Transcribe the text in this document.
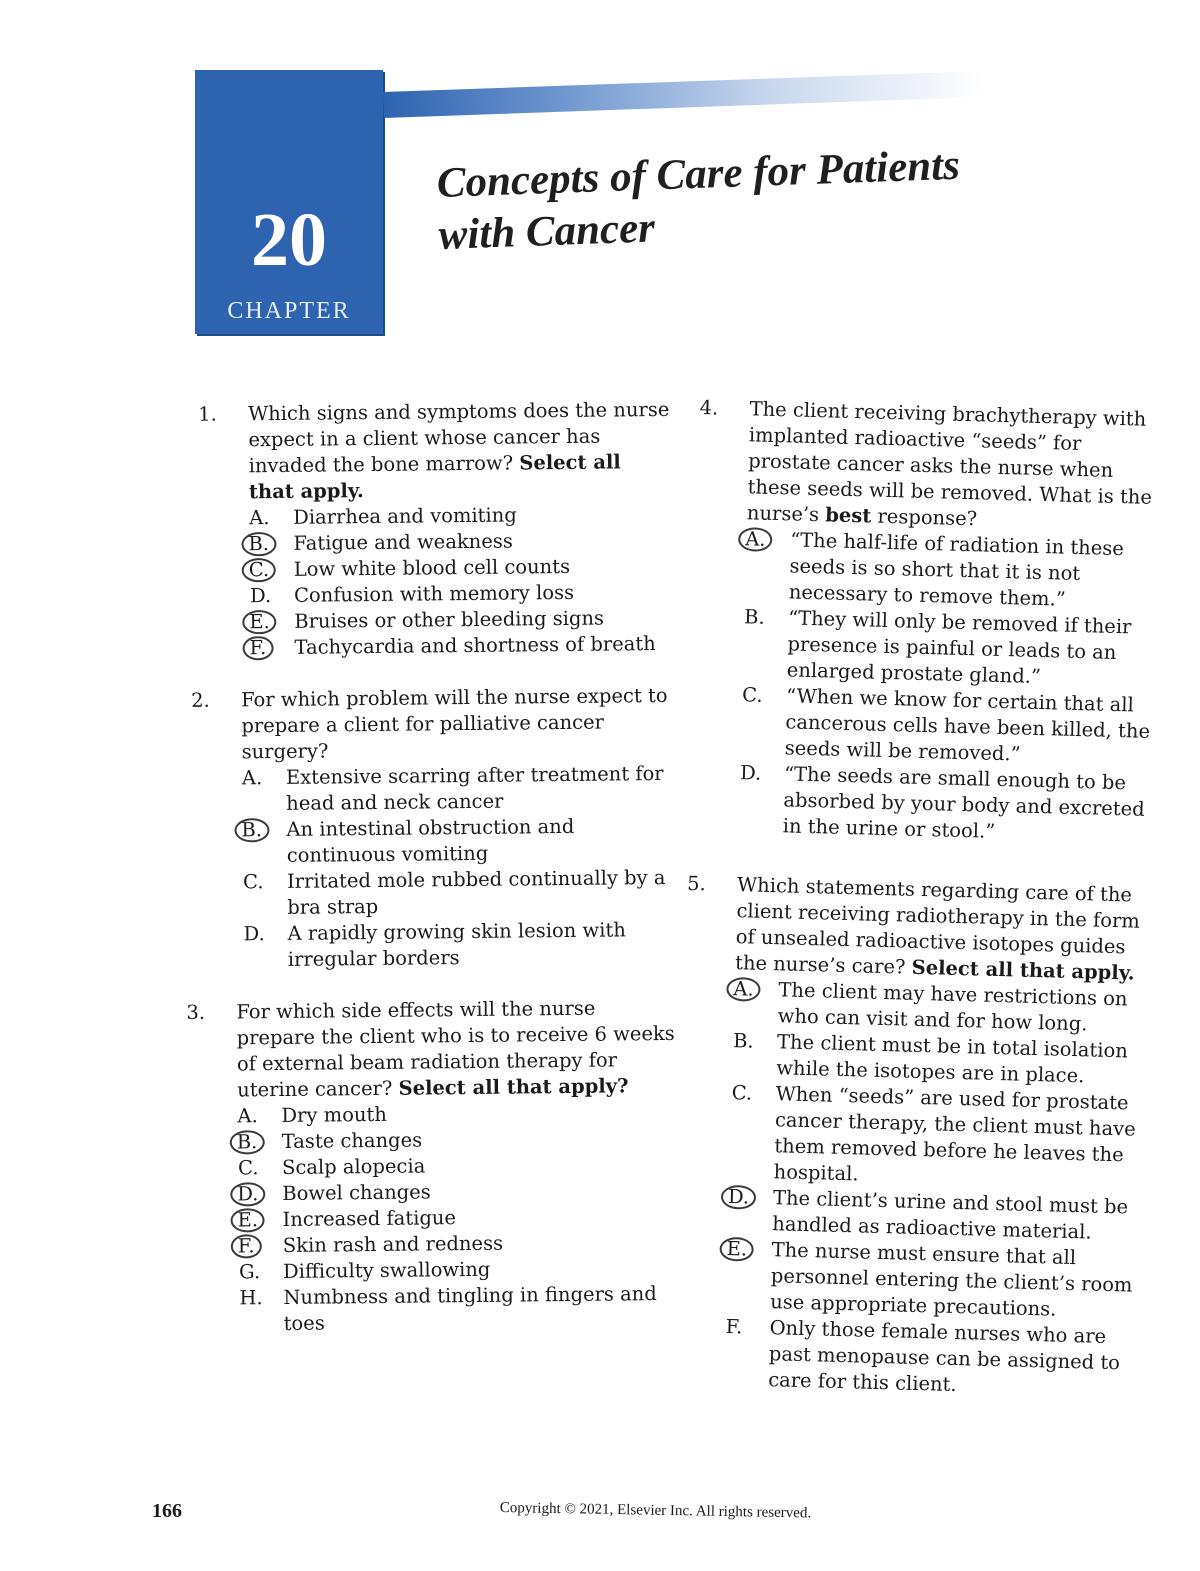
20
CHAPTER
Concepts of Care for Patients
with Cancer
1.	Which signs and symptoms does the nurse expect in a client whose cancer has invaded the bone marrow? Select all that apply.
A.	Diarrhea and vomiting
B.	Fatigue and weakness
C.	Low white blood cell counts
D.	Confusion with memory loss
E.	Bruises or other bleeding signs
F.	Tachycardia and shortness of breath
2.	For which problem will the nurse expect to prepare a client for palliative cancer surgery?
A.	Extensive scarring after treatment for head and neck cancer
B.	An intestinal obstruction and continuous vomiting
C.	Irritated mole rubbed continually by a bra strap
D.	A rapidly growing skin lesion with irregular borders
3.	For which side effects will the nurse prepare the client who is to receive 6 weeks of external beam radiation therapy for uterine cancer? Select all that apply?
A.	Dry mouth
B.	Taste changes
C.	Scalp alopecia
D.	Bowel changes
E.	Increased fatigue
F.	Skin rash and redness
G.	Difficulty swallowing
H.	Numbness and tingling in fingers and toes
4.	The client receiving brachytherapy with implanted radioactive “seeds” for prostate cancer asks the nurse when these seeds will be removed. What is the nurse’s best response?
A.	“The half-life of radiation in these seeds is so short that it is not necessary to remove them.”
B.	“They will only be removed if their presence is painful or leads to an enlarged prostate gland.”
C.	“When we know for certain that all cancerous cells have been killed, the seeds will be removed.”
D.	“The seeds are small enough to be absorbed by your body and excreted in the urine or stool.”
5.	Which statements regarding care of the client receiving radiotherapy in the form of unsealed radioactive isotopes guides the nurse’s care? Select all that apply.
A.	The client may have restrictions on who can visit and for how long.
B.	The client must be in total isolation while the isotopes are in place.
C.	When “seeds” are used for prostate cancer therapy, the client must have them removed before he leaves the hospital.
D.	The client’s urine and stool must be handled as radioactive material.
E.	The nurse must ensure that all personnel entering the client’s room use appropriate precautions.
F.	Only those female nurses who are past menopause can be assigned to care for this client.
166	Copyright © 2021, Elsevier Inc. All rights reserved.
